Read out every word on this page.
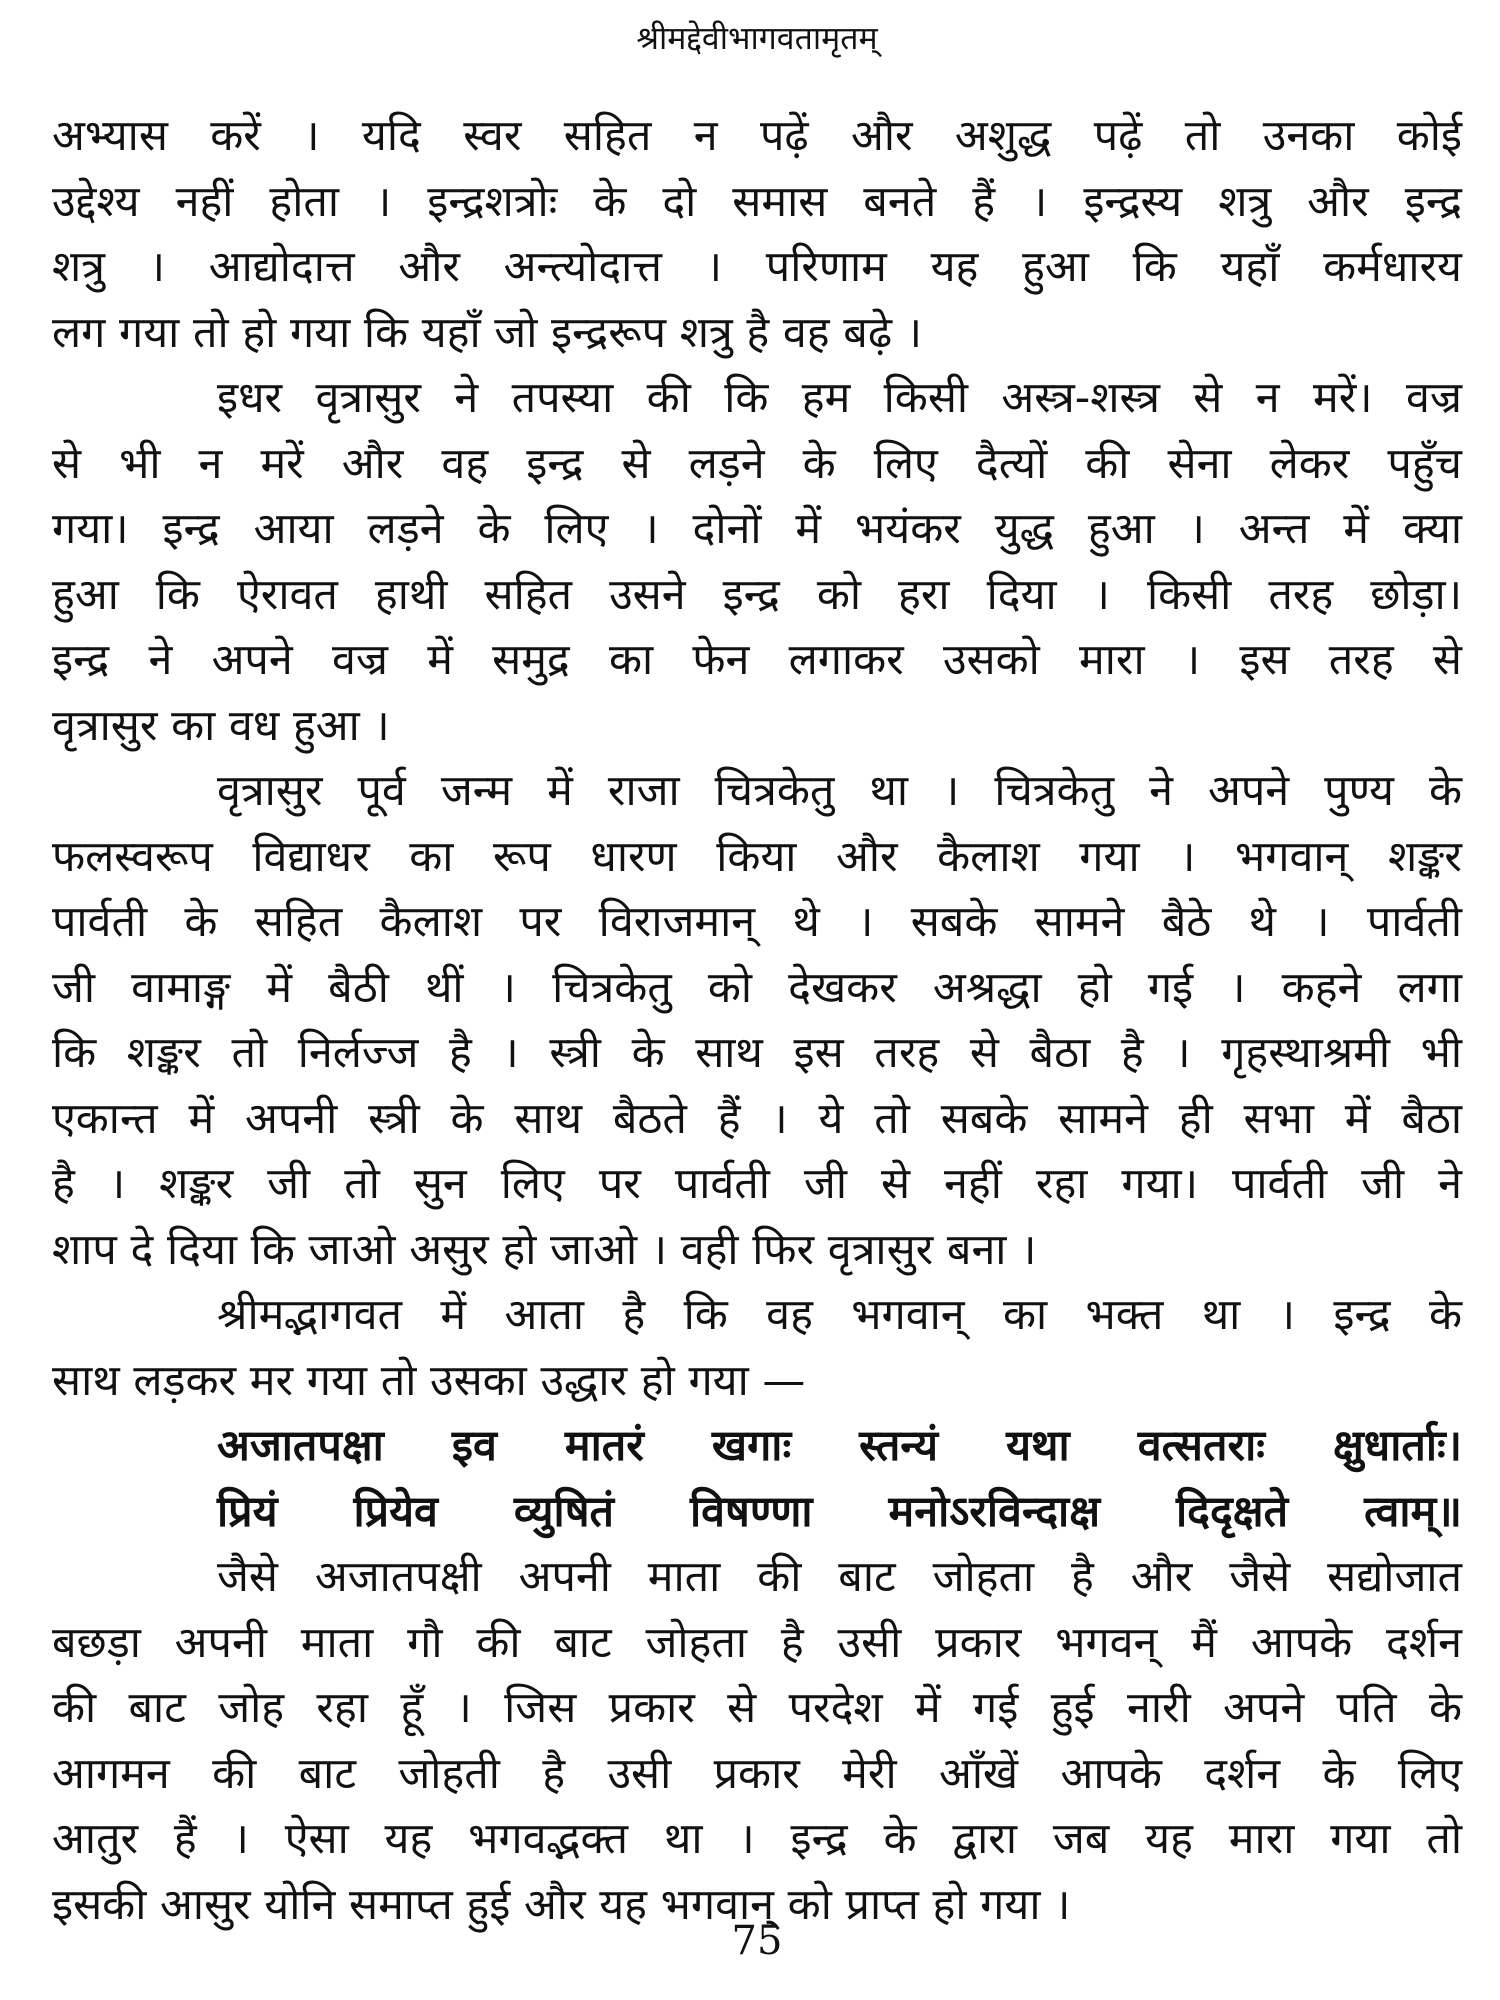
श्रीमद्देवीभागवतामृतम्
अभ्यास करें । यदि स्वर सहित न पढ़ें और अशुद्ध पढ़ें तो उनका कोई
उद्देश्य नहीं होता । इन्द्रशत्रोः के दो समास बनते हैं । इन्द्रस्य शत्रु और इन्द्र
शत्रु । आद्योदात्त और अन्त्योदात्त । परिणाम यह हुआ कि यहाँ कर्मधारय
लग गया तो हो गया कि यहाँ जो इन्द्ररूप शत्रु है वह बढ़े ।
इधर वृत्रासुर ने तपस्या की कि हम किसी अस्त्र-शस्त्र से न मरें। वज्र
से भी न मरें और वह इन्द्र से लड़ने के लिए दैत्यों की सेना लेकर पहुँच
गया। इन्द्र आया लड़ने के लिए । दोनों में भयंकर युद्ध हुआ । अन्त में क्या
हुआ कि ऐरावत हाथी सहित उसने इन्द्र को हरा दिया । किसी तरह छोड़ा।
इन्द्र ने अपने वज्र में समुद्र का फेन लगाकर उसको मारा । इस तरह से
वृत्रासुर का वध हुआ ।
वृत्रासुर पूर्व जन्म में राजा चित्रकेतु था । चित्रकेतु ने अपने पुण्य के
फलस्वरूप विद्याधर का रूप धारण किया और कैलाश गया । भगवान् शङ्कर
पार्वती के सहित कैलाश पर विराजमान् थे । सबके सामने बैठे थे । पार्वती
जी वामाङ्ग में बैठी थीं । चित्रकेतु को देखकर अश्रद्धा हो गई । कहने लगा
कि शङ्कर तो निर्लज्ज है । स्त्री के साथ इस तरह से बैठा है । गृहस्थाश्रमी भी
एकान्त में अपनी स्त्री के साथ बैठते हैं । ये तो सबके सामने ही सभा में बैठा
है । शङ्कर जी तो सुन लिए पर पार्वती जी से नहीं रहा गया। पार्वती जी ने
शाप दे दिया कि जाओ असुर हो जाओ । वही फिर वृत्रासुर बना ।
श्रीमद्भागवत में आता है कि वह भगवान् का भक्त था । इन्द्र के
साथ लड़कर मर गया तो उसका उद्धार हो गया —
अजातपक्षा इव मातरं खगाः स्तन्यं यथा वत्सतराः क्षुधार्ताः।
प्रियं प्रियेव व्युषितं विषण्णा मनोऽरविन्दाक्ष दिदृक्षते त्वाम्॥
जैसे अजातपक्षी अपनी माता की बाट जोहता है और जैसे सद्योजात
बछड़ा अपनी माता गौ की बाट जोहता है उसी प्रकार भगवन् मैं आपके दर्शन
की बाट जोह रहा हूँ । जिस प्रकार से परदेश में गई हुई नारी अपने पति के
आगमन की बाट जोहती है उसी प्रकार मेरी आँखें आपके दर्शन के लिए
आतुर हैं । ऐसा यह भगवद्भक्त था । इन्द्र के द्वारा जब यह मारा गया तो
इसकी आसुर योनि समाप्त हुई और यह भगवान् को प्राप्त हो गया ।
75
